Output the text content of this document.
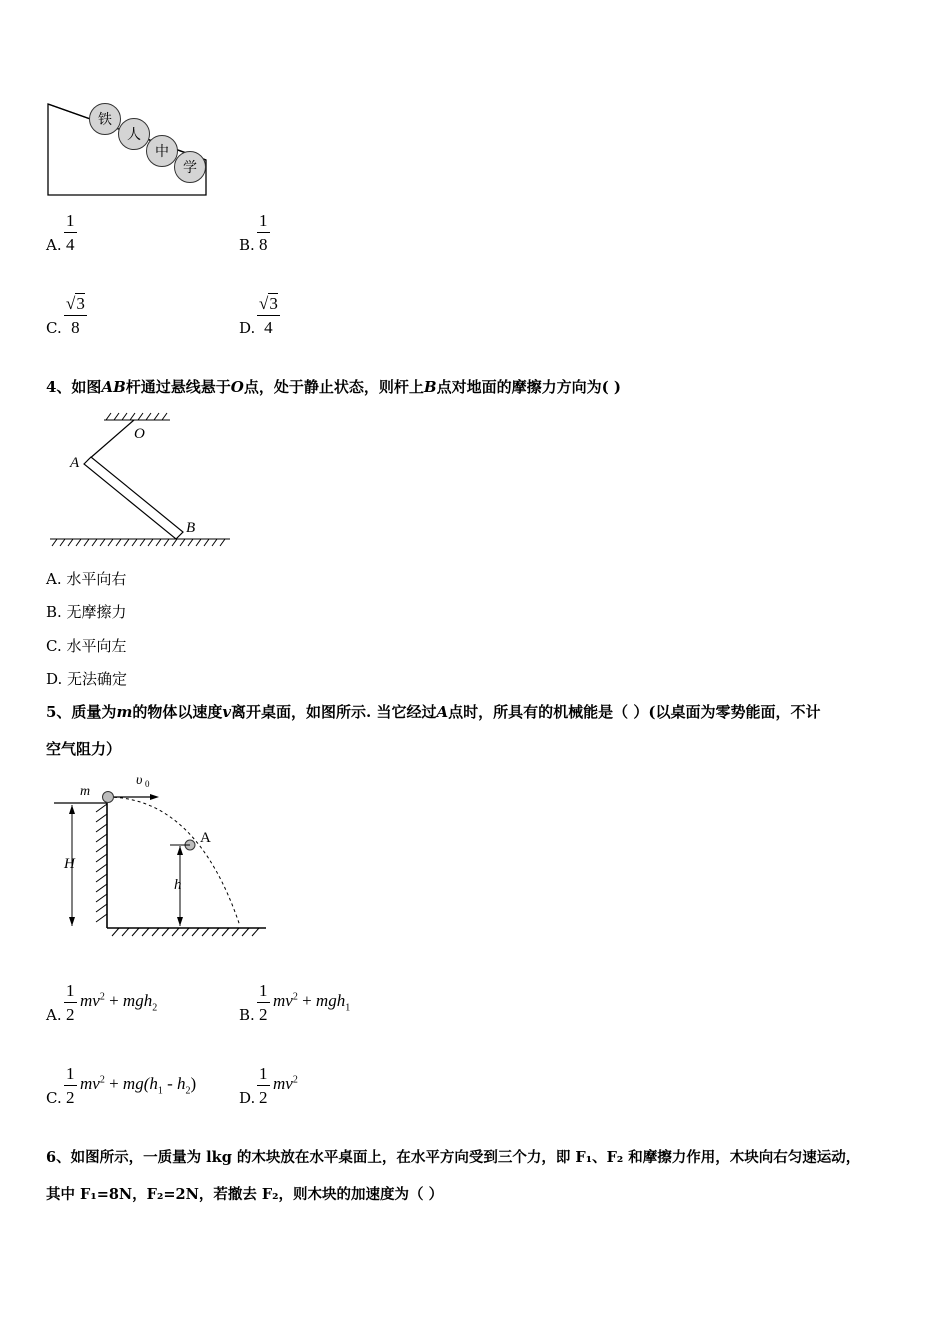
铁
人
中
学
A. $\frac{1}{4}$	B. $\frac{1}{8}$
C. $\frac{√3}{8}$	D. $\frac{√3}{4}$
4、如图AB杆通过悬线悬于O点，处于静止状态，则杆上B点对地面的摩擦力方向为( )
O
A
B
A. 水平向右
B. 无摩擦力
C. 水平向左
D. 无法确定
5、质量为m的物体以速度v离开桌面，如图所示. 当它经过A点时，所具有的机械能是（ ）(以桌面为零势能面，不计
空气阻力）
m
υ 0
A
H
h
A. $\frac{1}{2} mv^2 + mgh_2$	B. $\frac{1}{2} mv^2 + mgh_1$
C. $\frac{1}{2} mv^2 + mg(h_1 - h_2)$
D. $\frac{1}{2} mv^2$
6、如图所示，一质量为 lkg 的木块放在水平桌面上，在水平方向受到三个力，即 F₁、F₂ 和摩擦力作用，木块向右匀速运动，
其中 F₁=8N，F₂=2N，若撤去 F₂，则木块的加速度为（ ）
